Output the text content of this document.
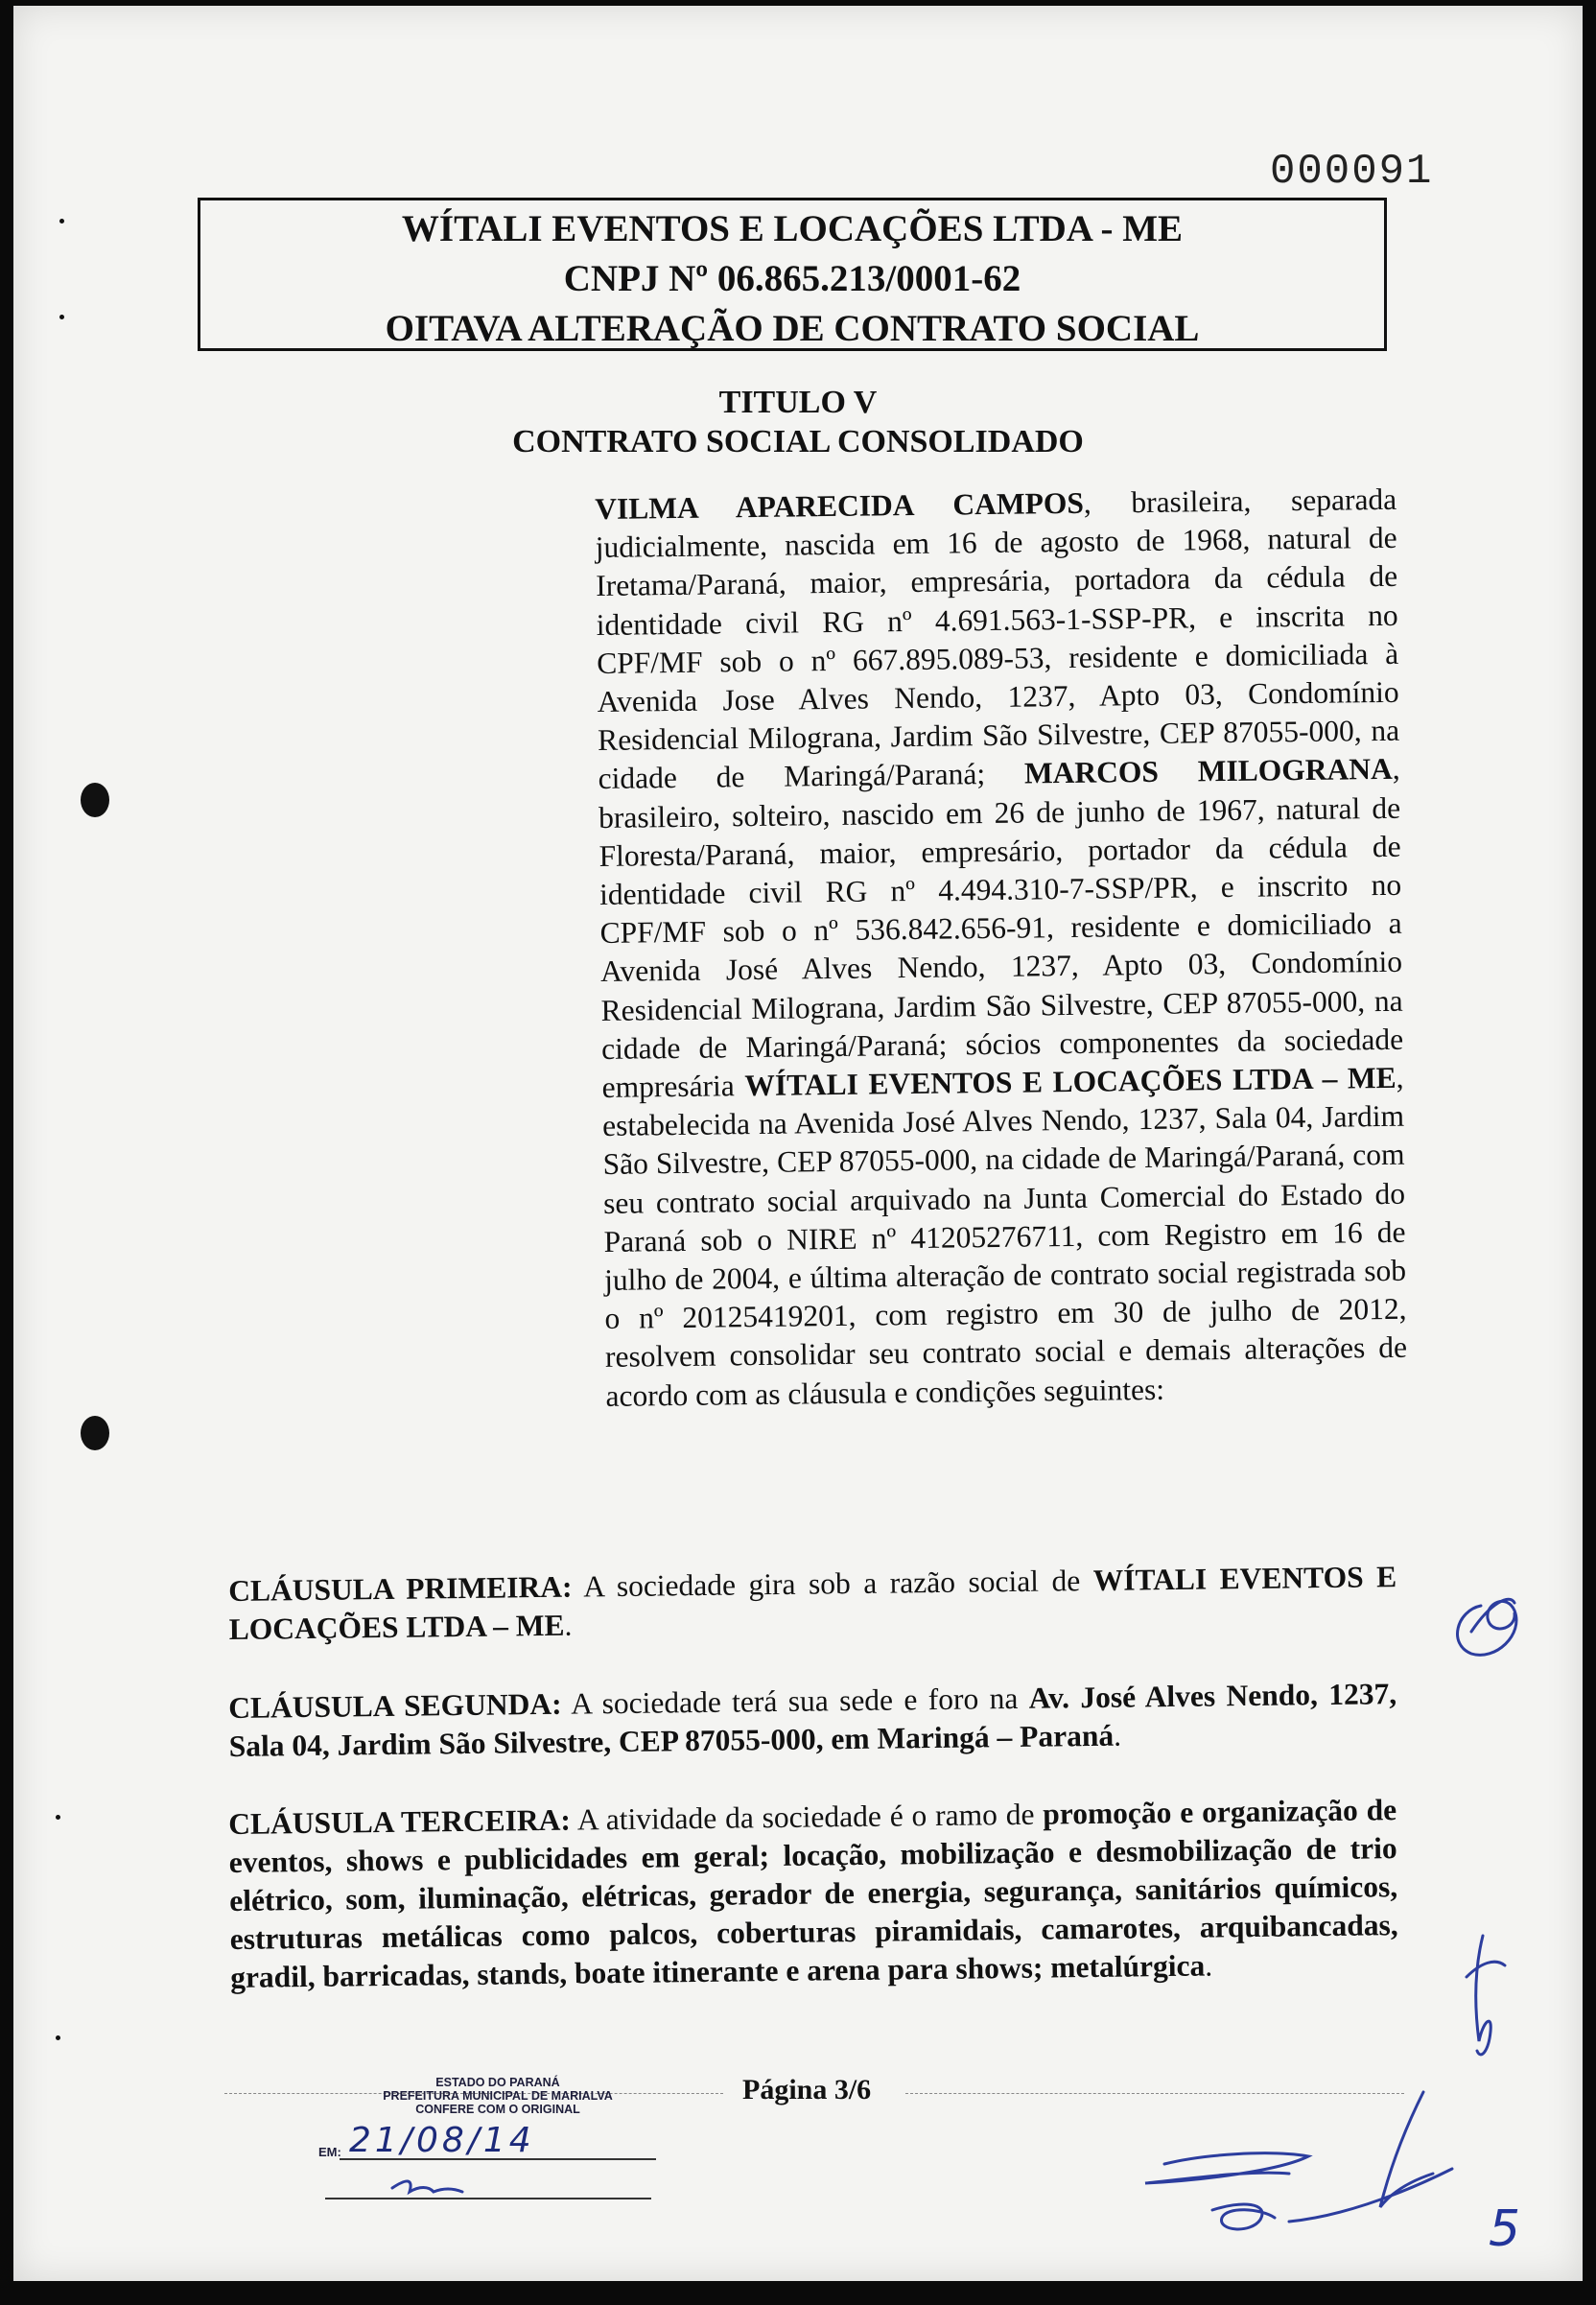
000091
WÍTALI EVENTOS E LOCAÇÕES LTDA - ME
CNPJ Nº 06.865.213/0001-62
OITAVA ALTERAÇÃO DE CONTRATO SOCIAL
TITULO V
CONTRATO SOCIAL CONSOLIDADO
VILMA APARECIDA CAMPOS, brasileira, separada judicialmente, nascida em 16 de agosto de 1968, natural de Iretama/Paraná, maior, empresária, portadora da cédula de identidade civil RG nº 4.691.563-1-SSP-PR, e inscrita no CPF/MF sob o nº 667.895.089-53, residente e domiciliada à Avenida Jose Alves Nendo, 1237, Apto 03, Condomínio Residencial Milograna, Jardim São Silvestre, CEP 87055-000, na cidade de Maringá/Paraná; MARCOS MILOGRANA, brasileiro, solteiro, nascido em 26 de junho de 1967, natural de Floresta/Paraná, maior, empresário, portador da cédula de identidade civil RG nº 4.494.310-7-SSP/PR, e inscrito no CPF/MF sob o nº 536.842.656-91, residente e domiciliado a Avenida José Alves Nendo, 1237, Apto 03, Condomínio Residencial Milograna, Jardim São Silvestre, CEP 87055-000, na cidade de Maringá/Paraná; sócios componentes da sociedade empresária WÍTALI EVENTOS E LOCAÇÕES LTDA – ME, estabelecida na Avenida José Alves Nendo, 1237, Sala 04, Jardim São Silvestre, CEP 87055-000, na cidade de Maringá/Paraná, com seu contrato social arquivado na Junta Comercial do Estado do Paraná sob o NIRE nº 41205276711, com Registro em 16 de julho de 2004, e última alteração de contrato social registrada sob o nº 20125419201, com registro em 30 de julho de 2012, resolvem consolidar seu contrato social e demais alterações de acordo com as cláusula e condições seguintes:
CLÁUSULA PRIMEIRA: A sociedade gira sob a razão social de WÍTALI EVENTOS E LOCAÇÕES LTDA – ME.
CLÁUSULA SEGUNDA: A sociedade terá sua sede e foro na Av. José Alves Nendo, 1237, Sala 04, Jardim São Silvestre, CEP 87055-000, em Maringá – Paraná.
CLÁUSULA TERCEIRA: A atividade da sociedade é o ramo de promoção e organização de eventos, shows e publicidades em geral; locação, mobilização e desmobilização de trio elétrico, som, iluminação, elétricas, gerador de energia, segurança, sanitários químicos, estruturas metálicas como palcos, coberturas piramidais, camarotes, arquibancadas, gradil, barricadas, stands, boate itinerante e arena para shows; metalúrgica.
Página 3/6
ESTADO DO PARANÁ
PREFEITURA MUNICIPAL DE MARIALVA
CONFERE COM O ORIGINAL
EM: 21/08/14
5
